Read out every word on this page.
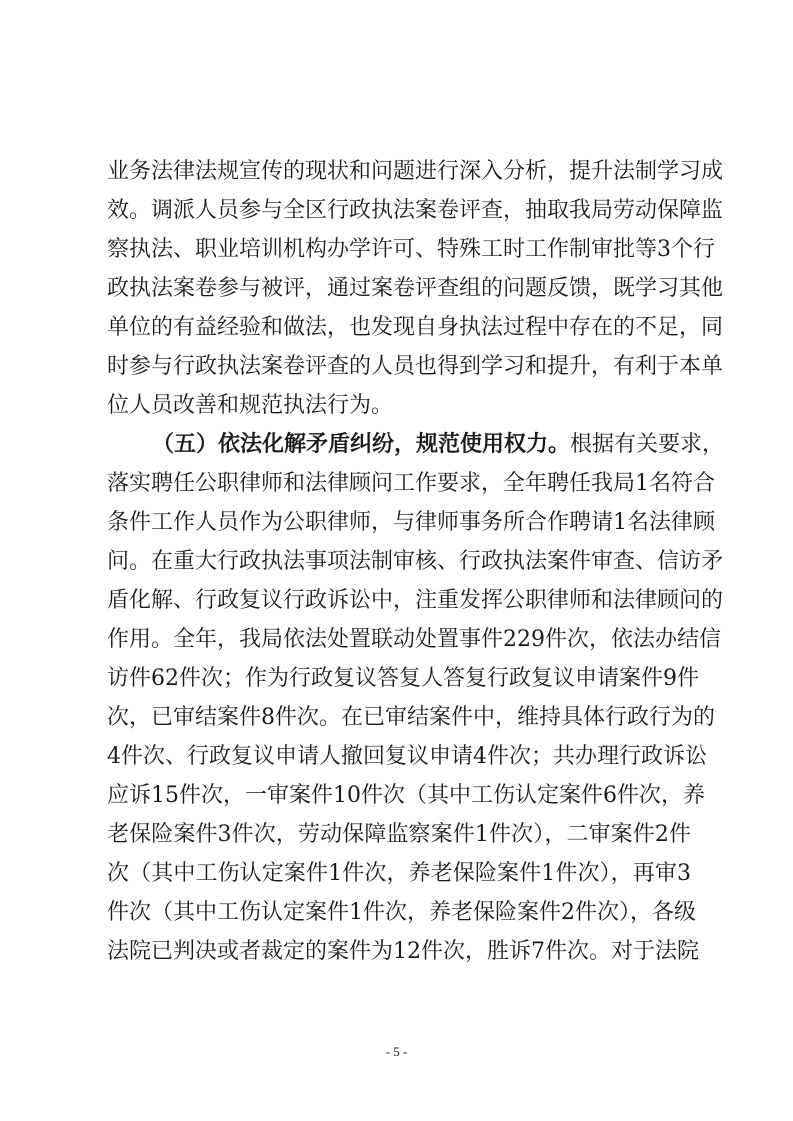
业务法律法规宣传的现状和问题进行深入分析，提升法制学习成
效。调派人员参与全区行政执法案卷评查，抽取我局劳动保障监
察执法、职业培训机构办学许可、特殊工时工作制审批等3个行
政执法案卷参与被评，通过案卷评查组的问题反馈，既学习其他
单位的有益经验和做法，也发现自身执法过程中存在的不足，同
时参与行政执法案卷评查的人员也得到学习和提升，有利于本单
位人员改善和规范执法行为。
（五）依法化解矛盾纠纷，规范使用权力。根据有关要求，
落实聘任公职律师和法律顾问工作要求，全年聘任我局1名符合
条件工作人员作为公职律师，与律师事务所合作聘请1名法律顾
问。在重大行政执法事项法制审核、行政执法案件审查、信访矛
盾化解、行政复议行政诉讼中，注重发挥公职律师和法律顾问的
作用。全年，我局依法处置联动处置事件229件次，依法办结信
访件62件次；作为行政复议答复人答复行政复议申请案件9件
次，已审结案件8件次。在已审结案件中，维持具体行政行为的
4件次、行政复议申请人撤回复议申请4件次；共办理行政诉讼
应诉15件次，一审案件10件次（其中工伤认定案件6件次，养
老保险案件3件次，劳动保障监察案件1件次），二审案件2件
次（其中工伤认定案件1件次，养老保险案件1件次），再审3
件次（其中工伤认定案件1件次，养老保险案件2件次），各级
法院已判决或者裁定的案件为12件次，胜诉7件次。对于法院
- 5 -
